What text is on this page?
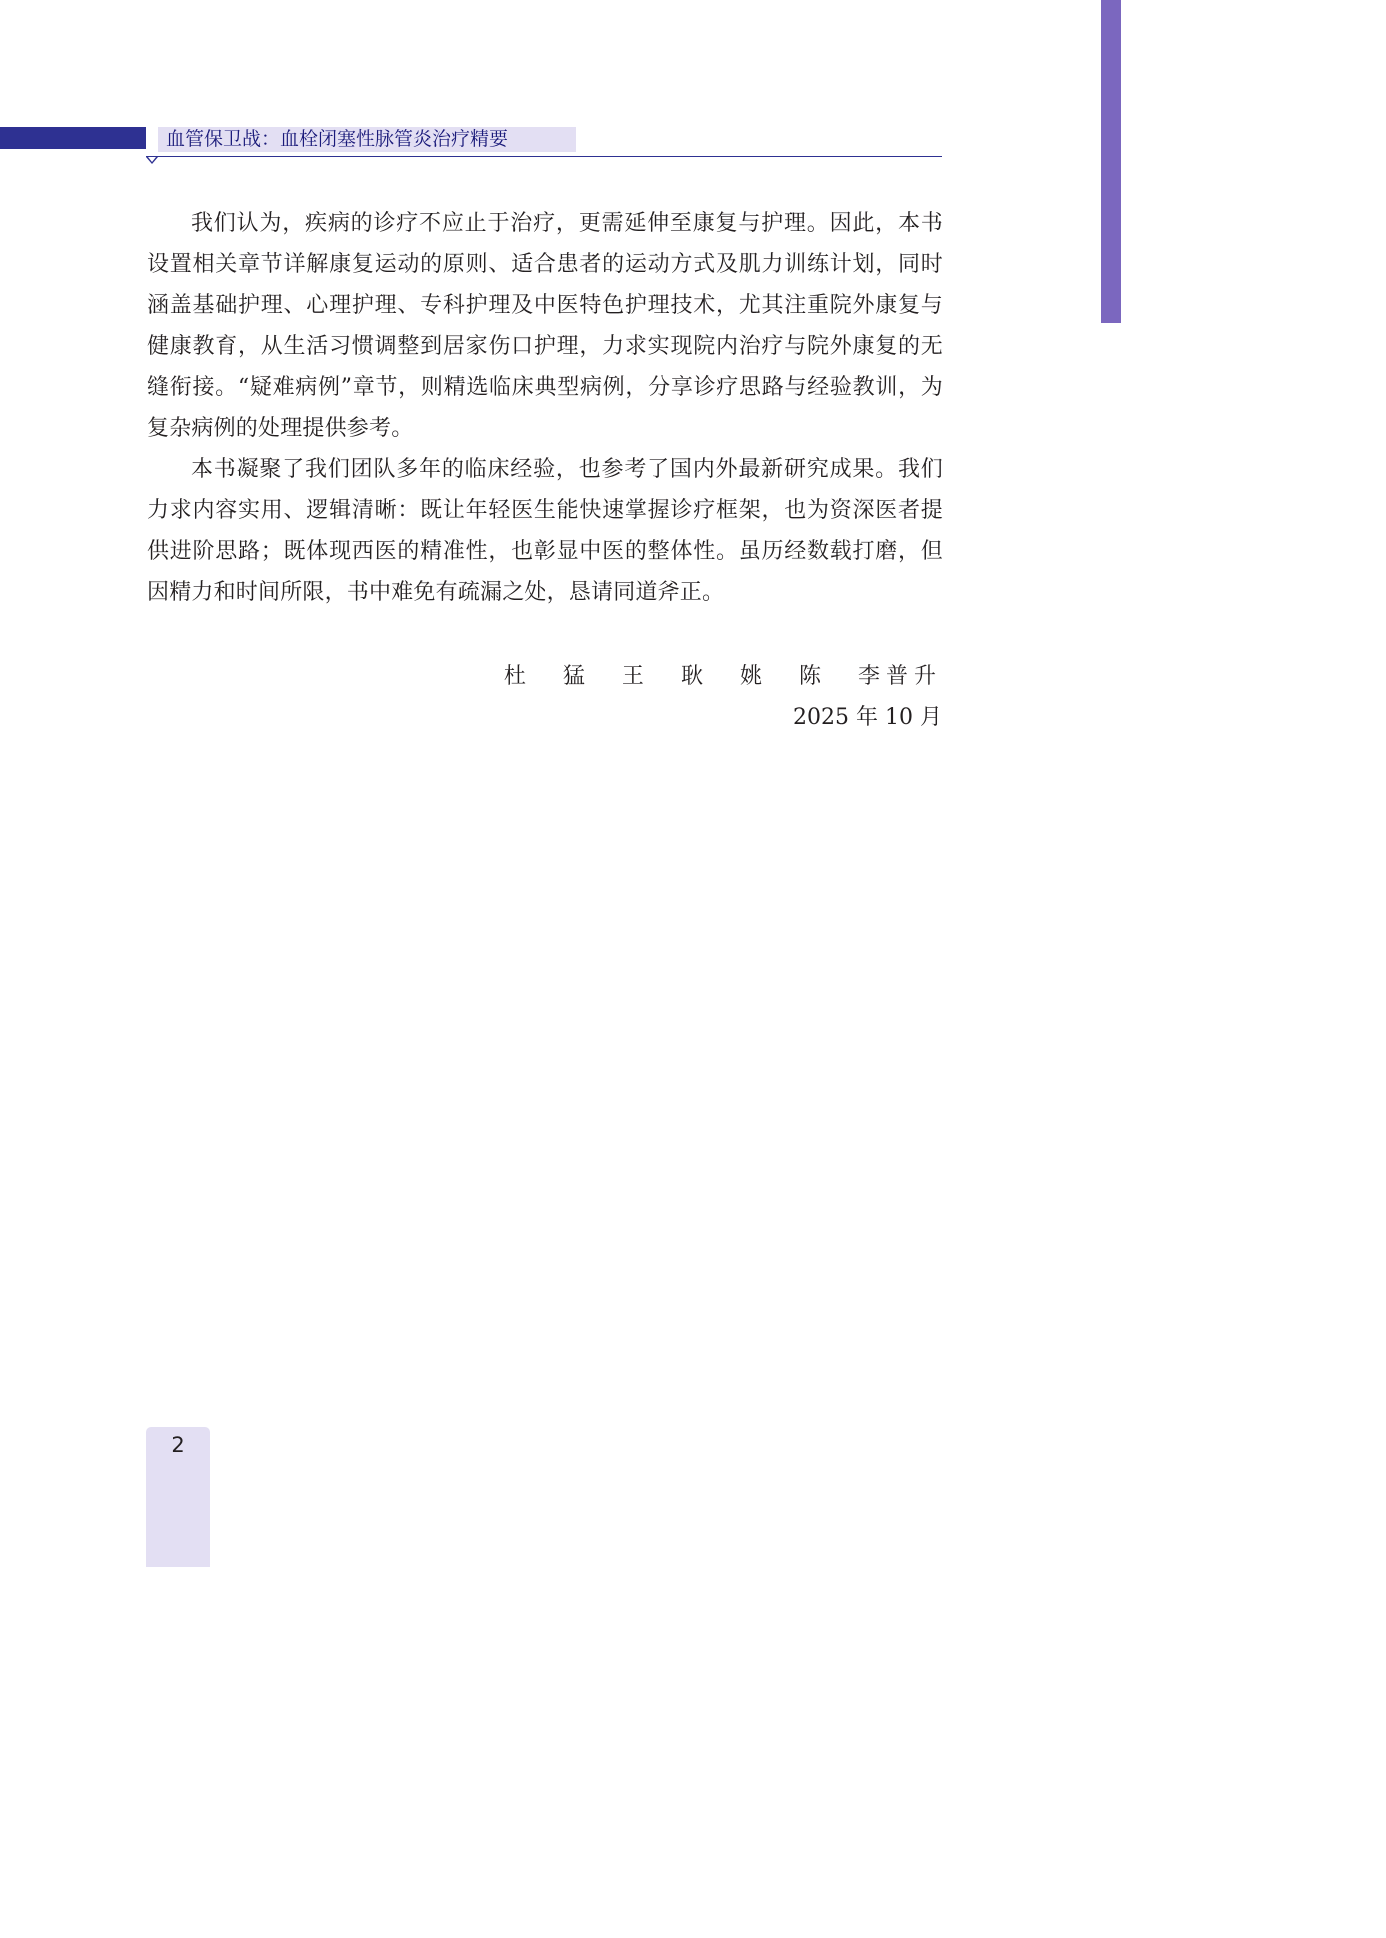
血管保卫战：血栓闭塞性脉管炎治疗精要

我们认为，疾病的诊疗不应止于治疗，更需延伸至康复与护理。因此，本书设置相关章节详解康复运动的原则、适合患者的运动方式及肌力训练计划，同时涵盖基础护理、心理护理、专科护理及中医特色护理技术，尤其注重院外康复与健康教育，从生活习惯调整到居家伤口护理，力求实现院内治疗与院外康复的无缝衔接。“疑难病例”章节，则精选临床典型病例，分享诊疗思路与经验教训，为复杂病例的处理提供参考。

本书凝聚了我们团队多年的临床经验，也参考了国内外最新研究成果。我们力求内容实用、逻辑清晰：既让年轻医生能快速掌握诊疗框架，也为资深医者提供进阶思路；既体现西医的精准性，也彰显中医的整体性。虽历经数载打磨，但因精力和时间所限，书中难免有疏漏之处，恳请同道斧正。

杜 猛 王 耿 姚 陈 李普升
2025 年 10 月
2
